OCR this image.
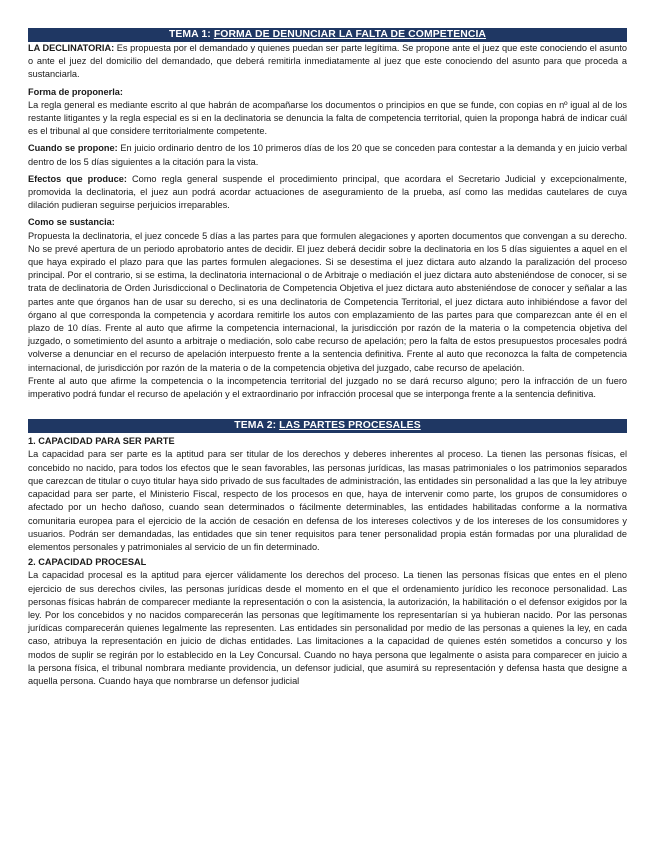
TEMA 1: FORMA DE DENUNCIAR LA FALTA DE COMPETENCIA

LA DECLINATORIA: Es propuesta por el demandado y quienes puedan ser parte legítima. Se propone ante el juez que este conociendo el asunto o ante el juez del domicilio del demandado, que deberá remitirla inmediatamente al juez que este conociendo del asunto para que proceda a sustanciarla.

Forma de proponerla:

La regla general es mediante escrito al que habrán de acompañarse los documentos o principios en que se funde, con copias en nº igual al de los restante litigantes y la regla especial es si en la declinatoria se denuncia la falta de competencia territorial, quien la proponga habrá de indicar cuál es el tribunal al que considere territorialmente competente.

Cuando se propone: En juicio ordinario dentro de los 10 primeros días de los 20 que se conceden para contestar a la demanda y en juicio verbal dentro de los 5 días siguientes a la citación para la vista.

Efectos que produce: Como regla general suspende el procedimiento principal, que acordara el Secretario Judicial y excepcionalmente, promovida la declinatoria, el juez aun podrá acordar actuaciones de aseguramiento de la prueba, así como las medidas cautelares de cuya dilación pudieran seguirse perjuicios irreparables.

Como se sustancia:

Propuesta la declinatoria, el juez concede 5 días a las partes para que formulen alegaciones y aporten documentos que convengan a su derecho. No se prevé apertura de un periodo aprobatorio antes de decidir. El juez deberá decidir sobre la declinatoria en los 5 días siguientes a aquel en el que haya expirado el plazo para que las partes formulen alegaciones. Si se desestima el juez dictara auto alzando la paralización del proceso principal. Por el contrario, si se estima, la declinatoria internacional o de Arbitraje o mediación el juez dictara auto absteniéndose de conocer, si se trata de declinatoria de Orden Jurisdiccional o Declinatoria de Competencia Objetiva el juez dictara auto absteniéndose de conocer y señalar a las partes ante que órganos han de usar su derecho, si es una declinatoria de Competencia Territorial, el juez dictara auto inhibiéndose a favor del órgano al que corresponda la competencia y acordara remitirle los autos con emplazamiento de las partes para que comparezcan ante él en el plazo de 10 días. Frente al auto que afirme la competencia internacional, la jurisdicción por razón de la materia o la competencia objetiva del juzgado, o sometimiento del asunto a arbitraje o mediación, solo cabe recurso de apelación; pero la falta de estos presupuestos procesales podrá volverse a denunciar en el recurso de apelación interpuesto frente a la sentencia definitiva. Frente al auto que reconozca la falta de competencia internacional, de jurisdicción por razón de la materia o de la competencia objetiva del juzgado, cabe recurso de apelación.

Frente al auto que afirme la competencia o la incompetencia territorial del juzgado no se dará recurso alguno; pero la infracción de un fuero imperativo podrá fundar el recurso de apelación y el extraordinario por infracción procesal que se interponga frente a la sentencia definitiva.

TEMA 2: LAS PARTES PROCESALES

1. CAPACIDAD PARA SER PARTE

La capacidad para ser parte es la aptitud para ser titular de los derechos y deberes inherentes al proceso. La tienen las personas físicas, el concebido no nacido, para todos los efectos que le sean favorables, las personas jurídicas, las masas patrimoniales o los patrimonios separados que carezcan de titular o cuyo titular haya sido privado de sus facultades de administración, las entidades sin personalidad a las que la ley atribuye capacidad para ser parte, el Ministerio Fiscal, respecto de los procesos en que, haya de intervenir como parte, los grupos de consumidores o afectado por un hecho dañoso, cuando sean determinados o fácilmente determinables, las entidades habilitadas conforme a la normativa comunitaria europea para el ejercicio de la acción de cesación en defensa de los intereses colectivos y de los intereses de los consumidores y usuarios. Podrán ser demandadas, las entidades que sin tener requisitos para tener personalidad propia están formadas por una pluralidad de elementos personales y patrimoniales al servicio de un fin determinado.

2. CAPACIDAD PROCESAL

La capacidad procesal es la aptitud para ejercer válidamente los derechos del proceso. La tienen las personas físicas que entes en el pleno ejercicio de sus derechos civiles, las personas jurídicas desde el momento en el que el ordenamiento jurídico les reconoce personalidad. Las personas físicas habrán de comparecer mediante la representación o con la asistencia, la autorización, la habilitación o el defensor exigidos por la ley. Por los concebidos y no nacidos comparecerán las personas que legítimamente los representarían si ya hubieran nacido. Por las personas jurídicas comparecerán quienes legalmente las representen. Las entidades sin personalidad por medio de las personas a quienes la ley, en cada caso, atribuya la representación en juicio de dichas entidades. Las limitaciones a la capacidad de quienes estén sometidos a concurso y los modos de suplir se regirán por lo establecido en la Ley Concursal. Cuando no haya persona que legalmente o asista para comparecer en juicio a la persona física, el tribunal nombrara mediante providencia, un defensor judicial, que asumirá su representación y defensa hasta que designe a aquella persona. Cuando haya que nombrarse un defensor judicial
